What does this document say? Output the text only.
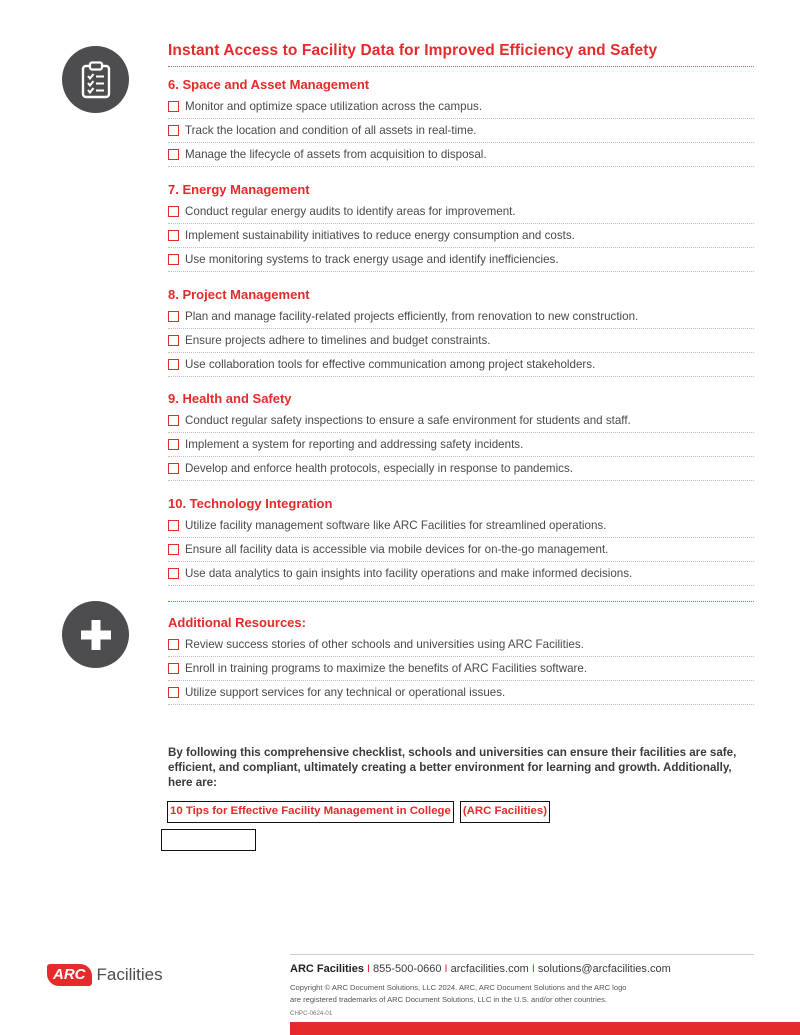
Instant Access to Facility Data for Improved Efficiency and Safety
6. Space and Asset Management
Monitor and optimize space utilization across the campus.
Track the location and condition of all assets in real-time.
Manage the lifecycle of assets from acquisition to disposal.
7. Energy Management
Conduct regular energy audits to identify areas for improvement.
Implement sustainability initiatives to reduce energy consumption and costs.
Use monitoring systems to track energy usage and identify inefficiencies.
8. Project Management
Plan and manage facility-related projects efficiently, from renovation to new construction.
Ensure projects adhere to timelines and budget constraints.
Use collaboration tools for effective communication among project stakeholders.
9. Health and Safety
Conduct regular safety inspections to ensure a safe environment for students and staff.
Implement a system for reporting and addressing safety incidents.
Develop and enforce health protocols, especially in response to pandemics.
10. Technology Integration
Utilize facility management software like ARC Facilities for streamlined operations.
Ensure all facility data is accessible via mobile devices for on-the-go management.
Use data analytics to gain insights into facility operations and make informed decisions.
Additional Resources:
Review success stories of other schools and universities using ARC Facilities.
Enroll in training programs to maximize the benefits of ARC Facilities software.
Utilize support services for any technical or operational issues.
By following this comprehensive checklist, schools and universities can ensure their facilities are safe, efficient, and compliant, ultimately creating a better environment for learning and growth. Additionally, here are:
10 Tips for Effective Facility Management in College (ARC Facilities)
ARC Facilities	ARC Facilities I 855-500-0660 I arcfacilities.com I solutions@arcfacilities.com
Copyright © ARC Document Solutions, LLC 2024. ARC, ARC Document Solutions and the ARC logo
are registered trademarks of ARC Document Solutions, LLC in the U.S. and/or other countries.
CHPC-0624-01
